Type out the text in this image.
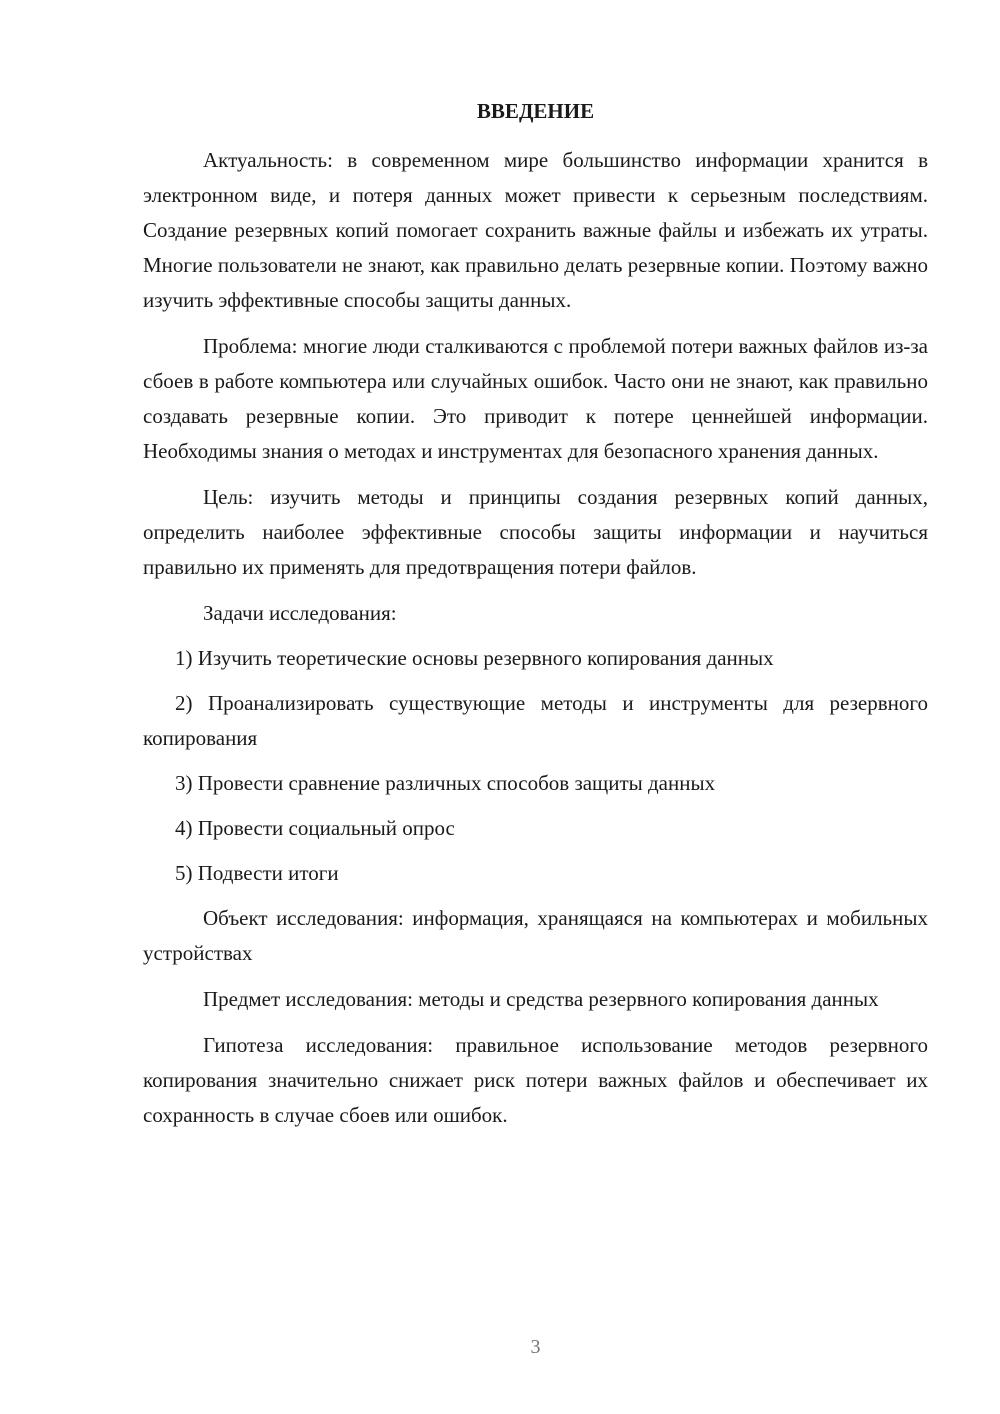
ВВЕДЕНИЕ

Актуальность: в современном мире большинство информации хранится в электронном виде, и потеря данных может привести к серьезным последствиям. Создание резервных копий помогает сохранить важные файлы и избежать их утраты. Многие пользователи не знают, как правильно делать резервные копии. Поэтому важно изучить эффективные способы защиты данных.

Проблема: многие люди сталкиваются с проблемой потери важных файлов из-за сбоев в работе компьютера или случайных ошибок. Часто они не знают, как правильно создавать резервные копии. Это приводит к потере ценнейшей информации. Необходимы знания о методах и инструментах для безопасного хранения данных.

Цель: изучить методы и принципы создания резервных копий данных, определить наиболее эффективные способы защиты информации и научиться правильно их применять для предотвращения потери файлов.

Задачи исследования:

1) Изучить теоретические основы резервного копирования данных

2) Проанализировать существующие методы и инструменты для резервного копирования

3) Провести сравнение различных способов защиты данных

4) Провести социальный опрос

5) Подвести итоги

Объект исследования: информация, хранящаяся на компьютерах и мобильных устройствах

Предмет исследования: методы и средства резервного копирования данных

Гипотеза исследования: правильное использование методов резервного копирования значительно снижает риск потери важных файлов и обеспечивает их сохранность в случае сбоев или ошибок.

3
